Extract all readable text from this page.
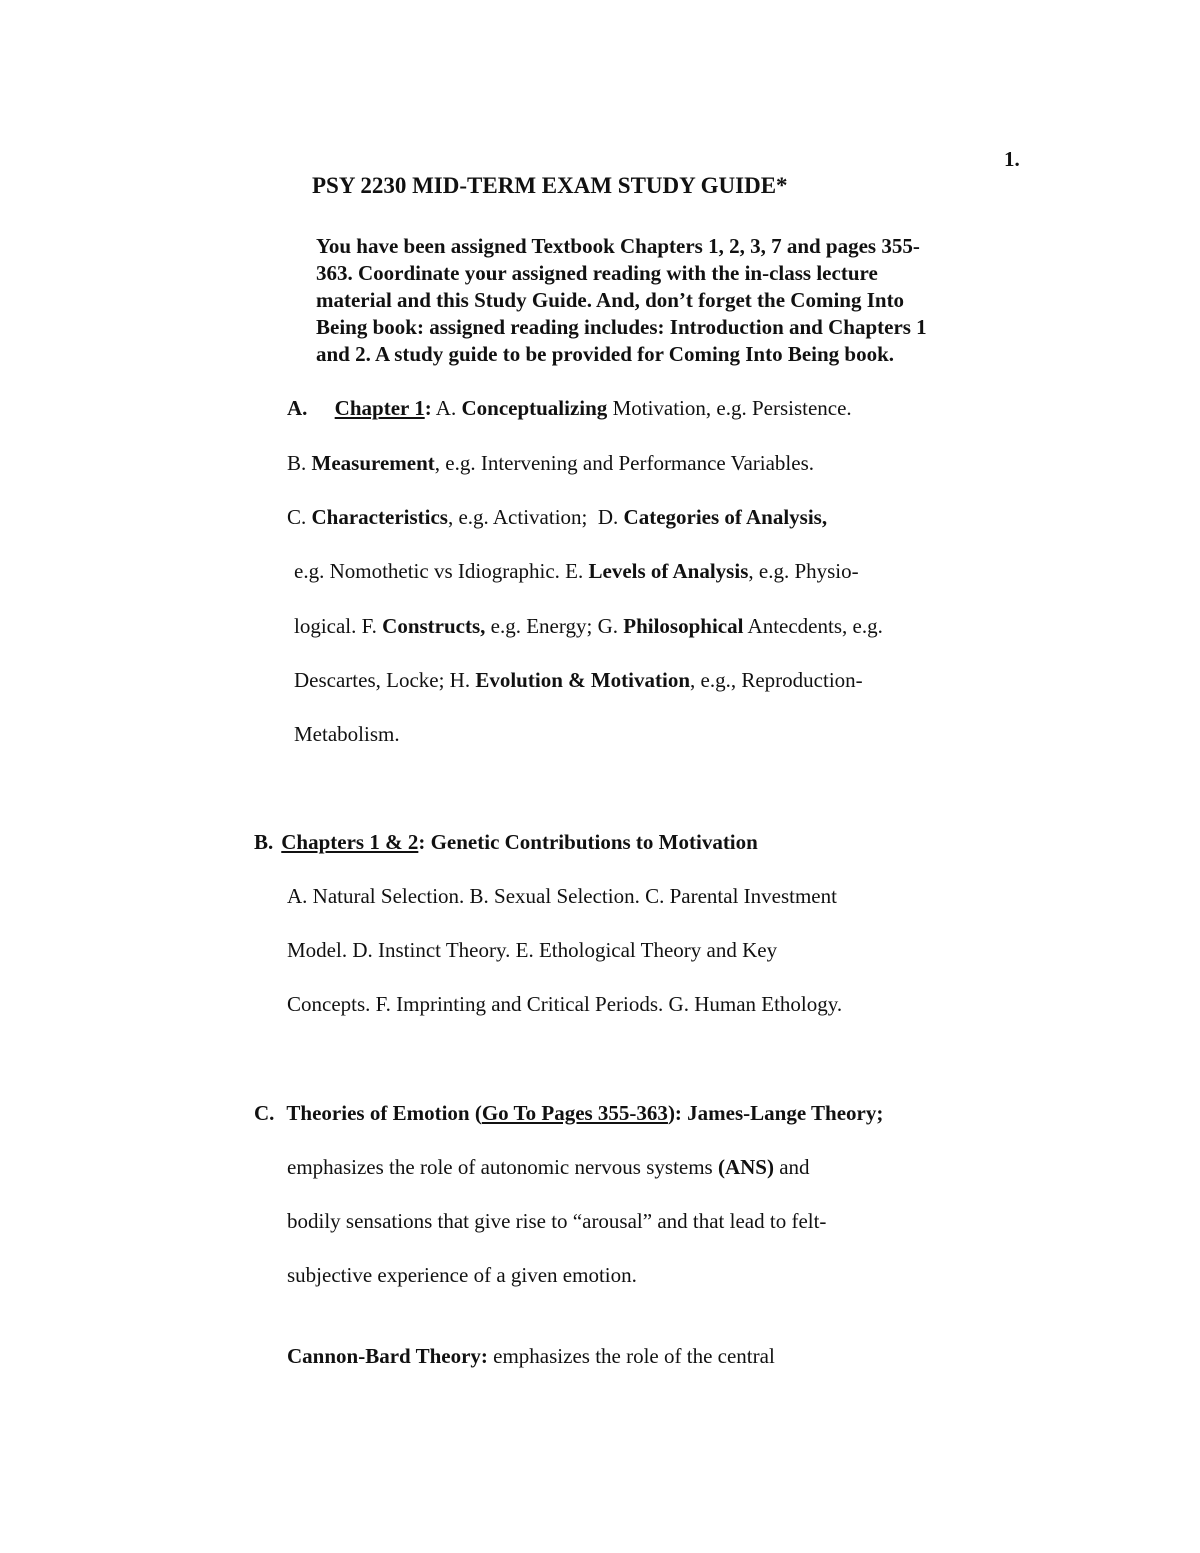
1.
PSY 2230 MID-TERM EXAM STUDY GUIDE*
You have been assigned Textbook Chapters 1, 2, 3, 7 and pages 355-
363. Coordinate your assigned reading with the in-class lecture
material and this Study Guide. And, don’t forget the Coming Into
Being book: assigned reading includes: Introduction and Chapters 1
and 2. A study guide to be provided for Coming Into Being book.
A. Chapter 1: A. Conceptualizing Motivation, e.g. Persistence.
B. Measurement, e.g. Intervening and Performance Variables.
C. Characteristics, e.g. Activation;  D. Categories of Analysis,
e.g. Nomothetic vs Idiographic. E. Levels of Analysis, e.g. Physio-
logical. F. Constructs, e.g. Energy; G. Philosophical Antecdents, e.g.
Descartes, Locke; H. Evolution & Motivation, e.g., Reproduction-
Metabolism.
B. Chapters 1 & 2: Genetic Contributions to Motivation
A. Natural Selection. B. Sexual Selection. C. Parental Investment
Model. D. Instinct Theory. E. Ethological Theory and Key
Concepts. F. Imprinting and Critical Periods. G. Human Ethology.
C. Theories of Emotion (Go To Pages 355-363): James-Lange Theory;
emphasizes the role of autonomic nervous systems (ANS) and
bodily sensations that give rise to “arousal” and that lead to felt-
subjective experience of a given emotion.
Cannon-Bard Theory: emphasizes the role of the central
